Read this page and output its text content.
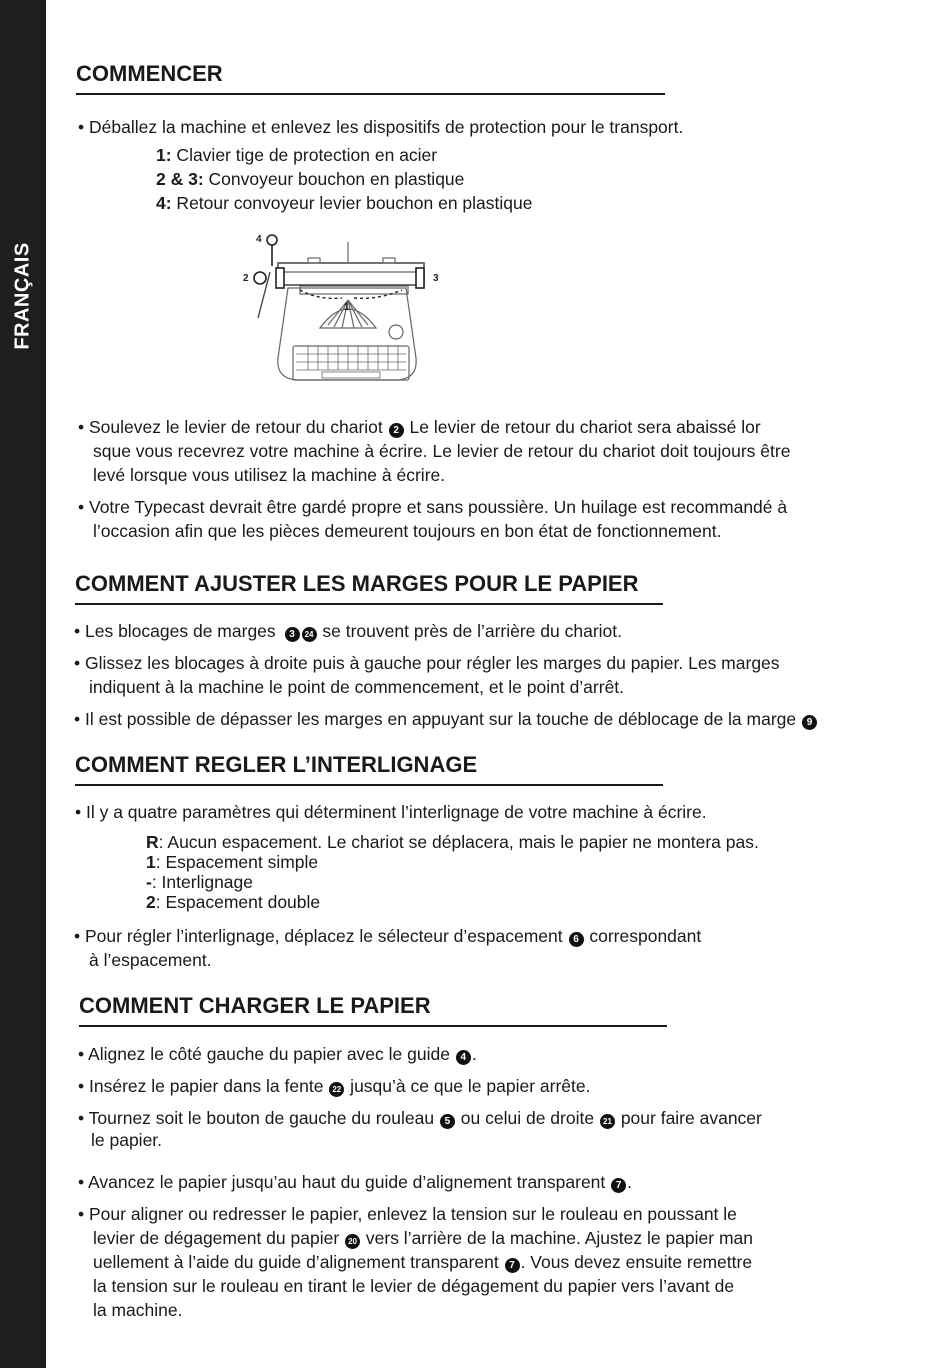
FRANÇAIS
COMMENCER
• Déballez la machine et enlevez les dispositifs de protection pour le transport.
1: Clavier tige de protection en acier
2 & 3: Convoyeur bouchon en plastique
4: Retour convoyeur levier bouchon en plastique
4
2	3
1
• Soulevez le levier de retour du chariot 2 Le levier de retour du chariot sera abaissé lor
sque vous recevrez votre machine à écrire. Le levier de retour du chariot doit toujours être
levé lorsque vous utilisez la machine à écrire.
• Votre Typecast devrait être gardé propre et sans poussière. Un huilage est recommandé à
l’occasion afin que les pièces demeurent toujours en bon état de fonctionnement.
COMMENT AJUSTER LES MARGES POUR LE PAPIER
• Les blocages de marges 3 24 se trouvent près de l’arrière du chariot.
• Glissez les blocages à droite puis à gauche pour régler les marges du papier. Les marges
indiquent à la machine le point de commencement, et le point d’arrêt.
• Il est possible de dépasser les marges en appuyant sur la touche de déblocage de la marge 9
COMMENT REGLER L’INTERLIGNAGE
• Il y a quatre paramètres qui déterminent l’interlignage de votre machine à écrire.
R: Aucun espacement. Le chariot se déplacera, mais le papier ne montera pas.
1: Espacement simple
-: Interlignage
2: Espacement double
• Pour régler l’interlignage, déplacez le sélecteur d’espacement 6 correspondant
à l’espacement.
COMMENT CHARGER LE PAPIER
• Alignez le côté gauche du papier avec le guide 4 .
• Insérez le papier dans la fente 22 jusqu’à ce que le papier arrête.
• Tournez soit le bouton de gauche du rouleau 5 ou celui de droite 21 pour faire avancer
le papier.
• Avancez le papier jusqu’au haut du guide d’alignement transparent 7 .
• Pour aligner ou redresser le papier, enlevez la tension sur le rouleau en poussant le
levier de dégagement du papier 20 vers l’arrière de la machine. Ajustez le papier man
uellement à l’aide du guide d’alignement transparent 7 . Vous devez ensuite remettre
la tension sur le rouleau en tirant le levier de dégagement du papier vers l’avant de
la machine.
